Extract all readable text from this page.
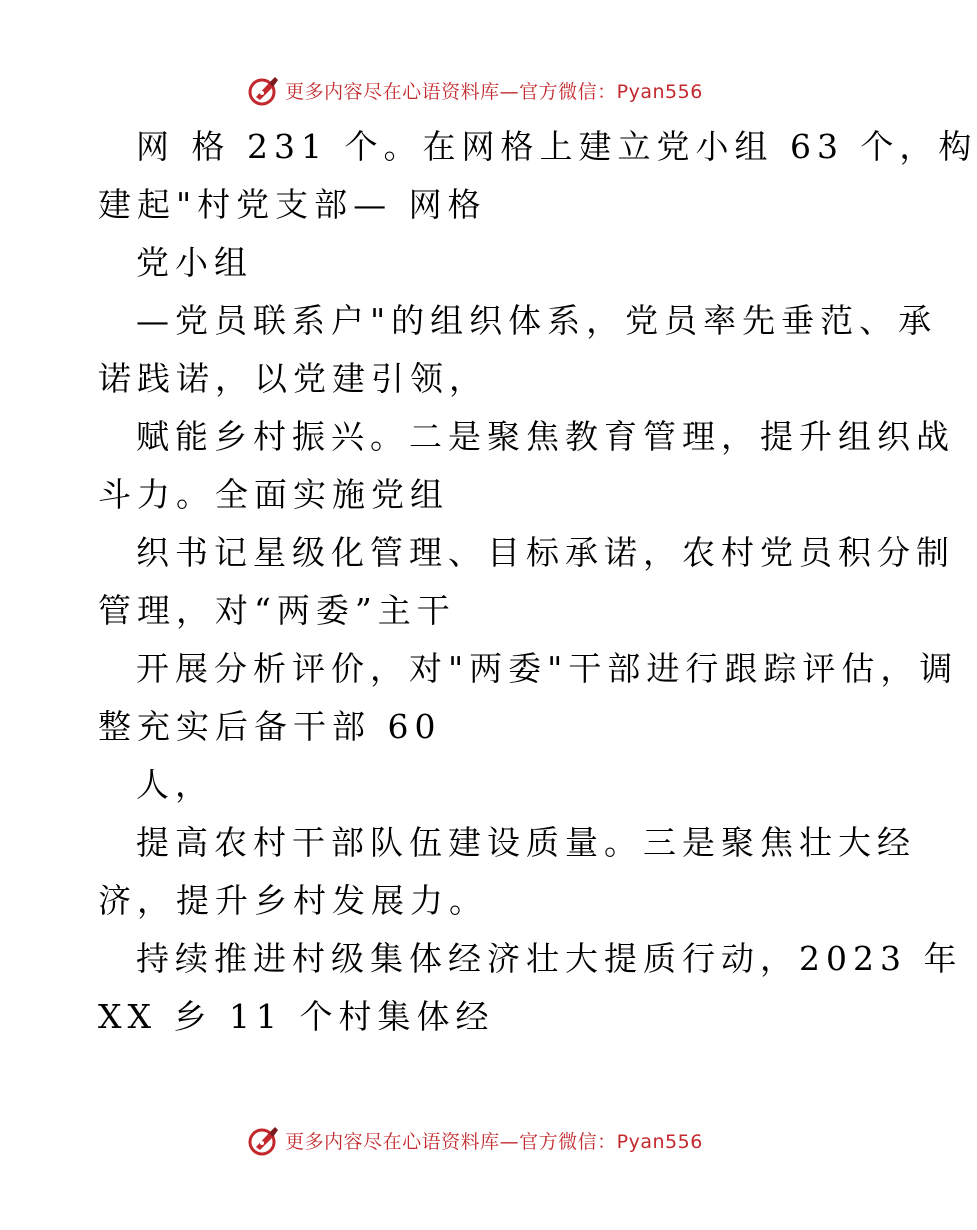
更多内容尽在心语资料库—官方微信：Pyan556
网 格 231 个。在网格上建立党小组 63 个，构
建起"村党支部— 网格
党小组
—党员联系户"的组织体系，党员率先垂范、承
诺践诺，以党建引领，
赋能乡村振兴。二是聚焦教育管理，提升组织战
斗力。全面实施党组
织书记星级化管理、目标承诺，农村党员积分制
管理，对“两委”主干
开展分析评价，对"两委"干部进行跟踪评估，调
整充实后备干部 60
人，
提高农村干部队伍建设质量。三是聚焦壮大经
济，提升乡村发展力。
持续推进村级集体经济壮大提质行动，2023 年
XX 乡 11 个村集体经
更多内容尽在心语资料库—官方微信：Pyan556
